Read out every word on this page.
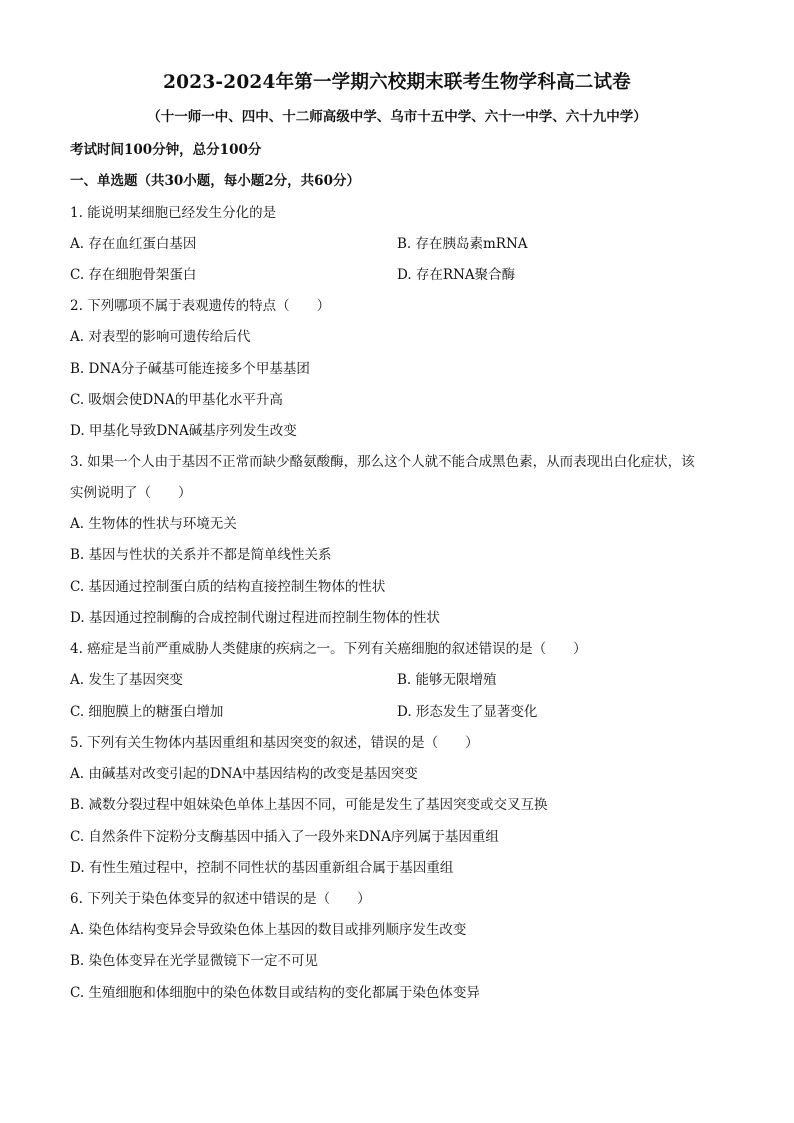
2023-2024年第一学期六校期末联考生物学科高二试卷
（十一师一中、四中、十二师高级中学、乌市十五中学、六十一中学、六十九中学）
考试时间100分钟，总分100分
一、单选题（共30小题，每小题2分，共60分）
1. 能说明某细胞已经发生分化的是
A. 存在血红蛋白基因	B. 存在胰岛素mRNA
C. 存在细胞骨架蛋白	D. 存在RNA聚合酶
2. 下列哪项不属于表观遗传的特点（　　）
A. 对表型的影响可遗传给后代
B. DNA分子碱基可能连接多个甲基基团
C. 吸烟会使DNA的甲基化水平升高
D. 甲基化导致DNA碱基序列发生改变
3. 如果一个人由于基因不正常而缺少酪氨酸酶，那么这个人就不能合成黑色素，从而表现出白化症状，该
实例说明了（　　）
A. 生物体的性状与环境无关
B. 基因与性状的关系并不都是简单线性关系
C. 基因通过控制蛋白质的结构直接控制生物体的性状
D. 基因通过控制酶的合成控制代谢过程进而控制生物体的性状
4. 癌症是当前严重威胁人类健康的疾病之一。下列有关癌细胞的叙述错误的是（　　）
A. 发生了基因突变	B. 能够无限增殖
C. 细胞膜上的糖蛋白增加	D. 形态发生了显著变化
5. 下列有关生物体内基因重组和基因突变的叙述，错误的是（　　）
A. 由碱基对改变引起的DNA中基因结构的改变是基因突变
B. 减数分裂过程中姐妹染色单体上基因不同，可能是发生了基因突变或交叉互换
C. 自然条件下淀粉分支酶基因中插入了一段外来DNA序列属于基因重组
D. 有性生殖过程中，控制不同性状的基因重新组合属于基因重组
6. 下列关于染色体变异的叙述中错误的是（　　）
A. 染色体结构变异会导致染色体上基因的数目或排列顺序发生改变
B. 染色体变异在光学显微镜下一定不可见
C. 生殖细胞和体细胞中的染色体数目或结构的变化都属于染色体变异
